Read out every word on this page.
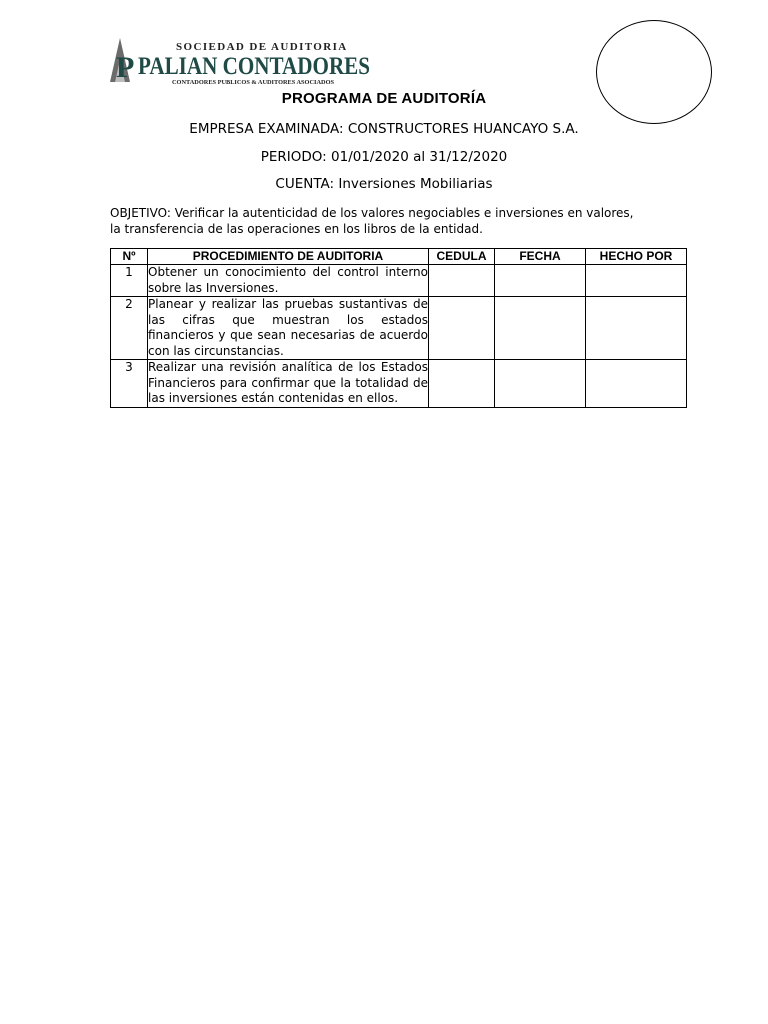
P
SOCIEDAD DE AUDITORIA
PALIAN CONTADORES
CONTADORES PUBLICOS & AUDITORES ASOCIADOS
PROGRAMA DE AUDITORÍA
EMPRESA EXAMINADA: CONSTRUCTORES HUANCAYO S.A.
PERIODO: 01/01/2020 al 31/12/2020
CUENTA: Inversiones Mobiliarias
OBJETIVO: Verificar la autenticidad de los valores negociables e inversiones en valores,
la transferencia de las operaciones en los libros de la entidad.
Nº	PROCEDIMIENTO DE AUDITORIA	CEDULA	FECHA	HECHO POR
1	Obtener un conocimiento del control interno sobre las Inversiones.			
2	Planear y realizar las pruebas sustantivas de las cifras que muestran los estados financieros y que sean necesarias de acuerdo con las circunstancias.			
3	Realizar una revisión analítica de los Estados Financieros para confirmar que la totalidad de las inversiones están contenidas en ellos.			
